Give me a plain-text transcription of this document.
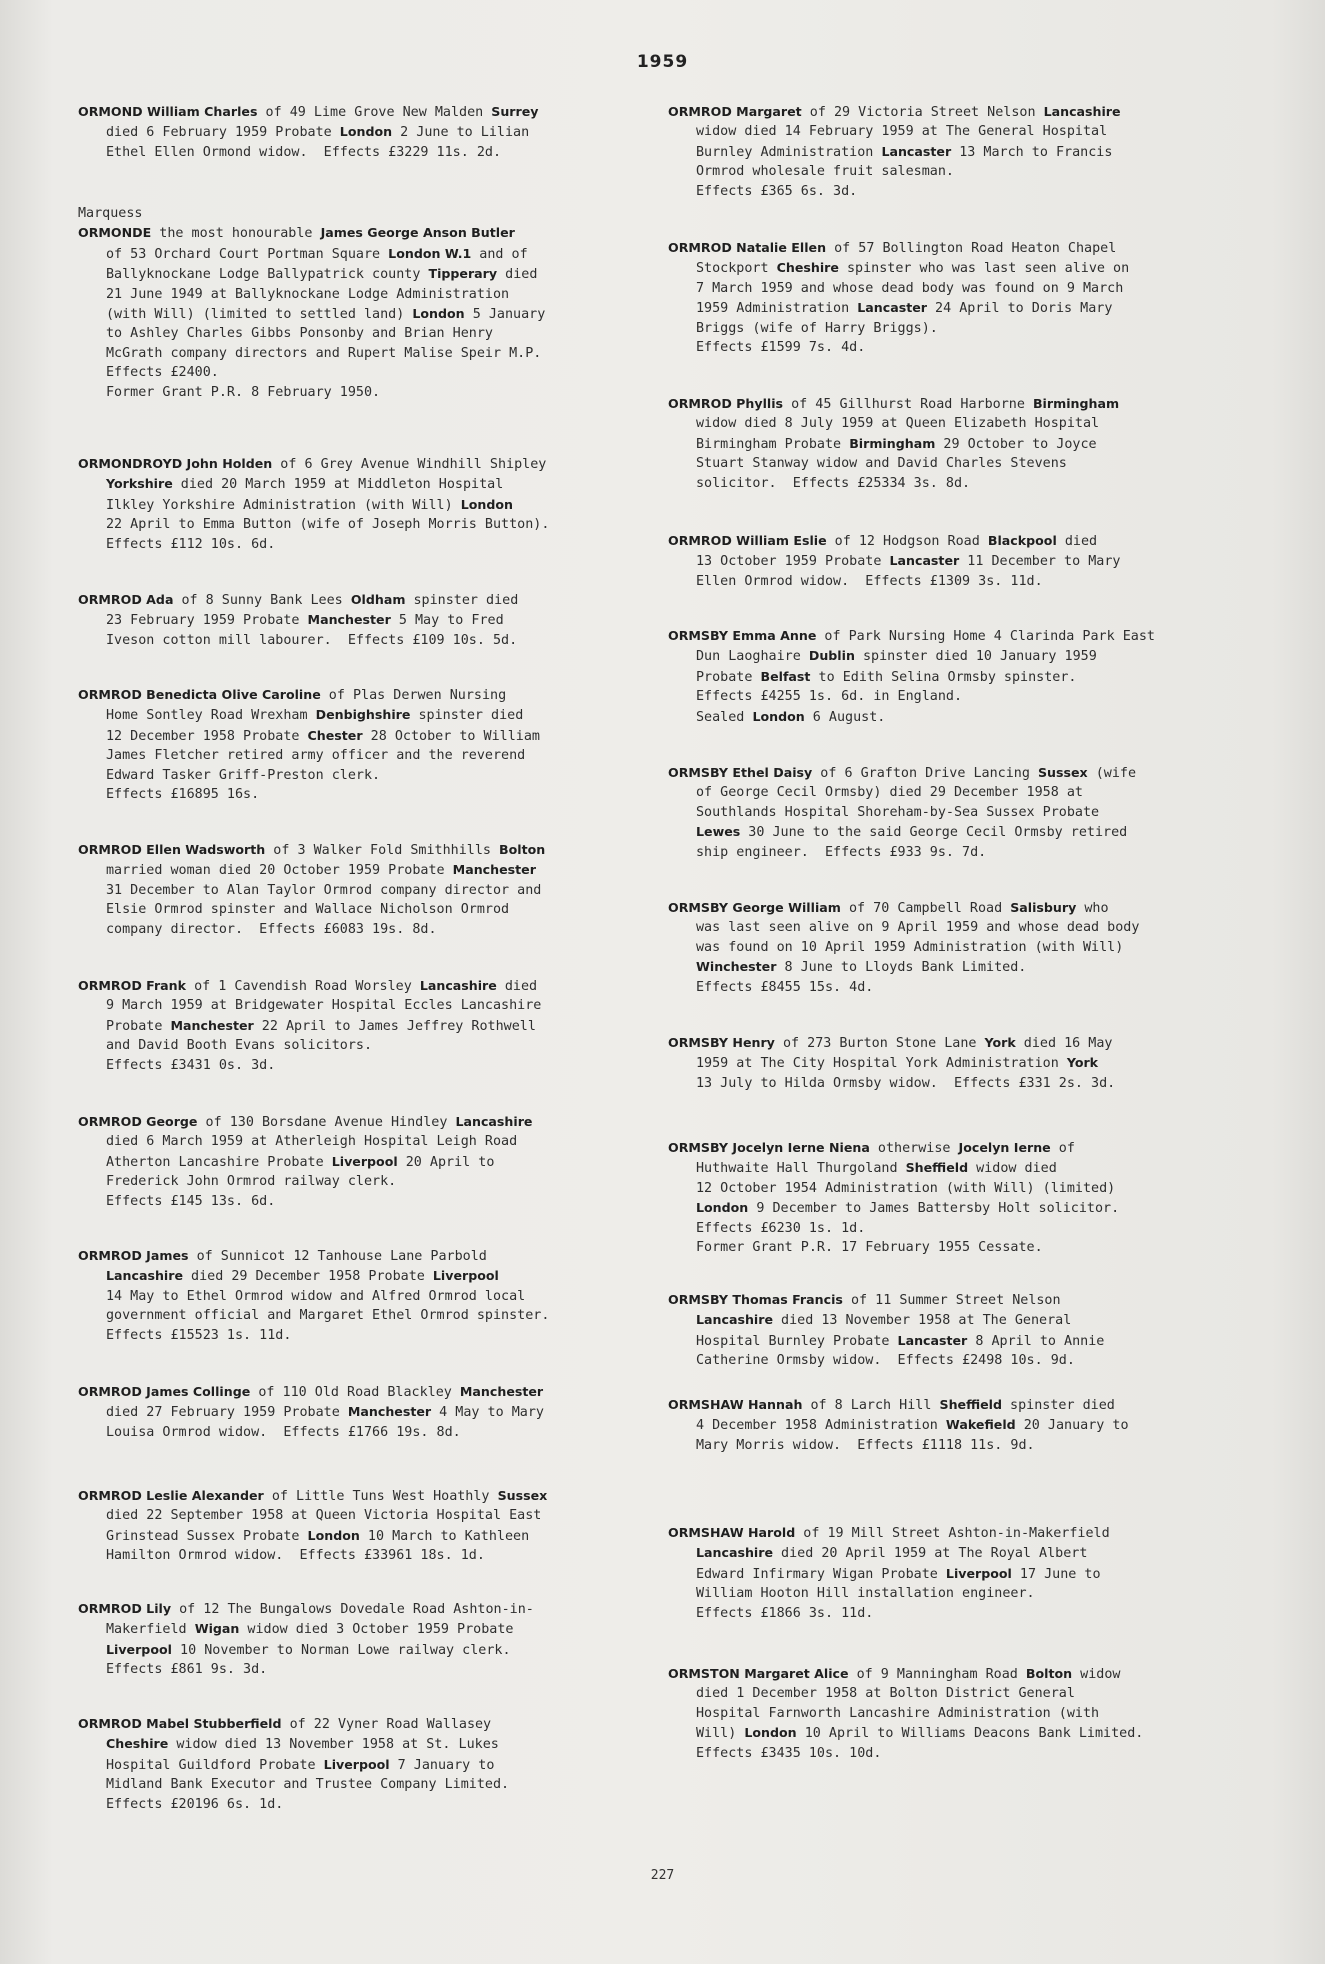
1959
ORMOND William Charles of 49 Lime Grove New Malden Surrey
died 6 February 1959 Probate London 2 June to Lilian
Ethel Ellen Ormond widow.  Effects £3229 11s. 2d.
Marquess
ORMONDE the most honourable James George Anson Butler
of 53 Orchard Court Portman Square London W.1 and of
Ballyknockane Lodge Ballypatrick county Tipperary died
21 June 1949 at Ballyknockane Lodge Administration
(with Will) (limited to settled land) London 5 January
to Ashley Charles Gibbs Ponsonby and Brian Henry
McGrath company directors and Rupert Malise Speir M.P.
Effects £2400.
Former Grant P.R. 8 February 1950.
ORMONDROYD John Holden of 6 Grey Avenue Windhill Shipley
Yorkshire died 20 March 1959 at Middleton Hospital
Ilkley Yorkshire Administration (with Will) London
22 April to Emma Button (wife of Joseph Morris Button).
Effects £112 10s. 6d.
ORMROD Ada of 8 Sunny Bank Lees Oldham spinster died
23 February 1959 Probate Manchester 5 May to Fred
Iveson cotton mill labourer.  Effects £109 10s. 5d.
ORMROD Benedicta Olive Caroline of Plas Derwen Nursing
Home Sontley Road Wrexham Denbighshire spinster died
12 December 1958 Probate Chester 28 October to William
James Fletcher retired army officer and the reverend
Edward Tasker Griff-Preston clerk.
Effects £16895 16s.
ORMROD Ellen Wadsworth of 3 Walker Fold Smithhills Bolton
married woman died 20 October 1959 Probate Manchester
31 December to Alan Taylor Ormrod company director and
Elsie Ormrod spinster and Wallace Nicholson Ormrod
company director.  Effects £6083 19s. 8d.
ORMROD Frank of 1 Cavendish Road Worsley Lancashire died
9 March 1959 at Bridgewater Hospital Eccles Lancashire
Probate Manchester 22 April to James Jeffrey Rothwell
and David Booth Evans solicitors.
Effects £3431 0s. 3d.
ORMROD George of 130 Borsdane Avenue Hindley Lancashire
died 6 March 1959 at Atherleigh Hospital Leigh Road
Atherton Lancashire Probate Liverpool 20 April to
Frederick John Ormrod railway clerk.
Effects £145 13s. 6d.
ORMROD James of Sunnicot 12 Tanhouse Lane Parbold
Lancashire died 29 December 1958 Probate Liverpool
14 May to Ethel Ormrod widow and Alfred Ormrod local
government official and Margaret Ethel Ormrod spinster.
Effects £15523 1s. 11d.
ORMROD James Collinge of 110 Old Road Blackley Manchester
died 27 February 1959 Probate Manchester 4 May to Mary
Louisa Ormrod widow.  Effects £1766 19s. 8d.
ORMROD Leslie Alexander of Little Tuns West Hoathly Sussex
died 22 September 1958 at Queen Victoria Hospital East
Grinstead Sussex Probate London 10 March to Kathleen
Hamilton Ormrod widow.  Effects £33961 18s. 1d.
ORMROD Lily of 12 The Bungalows Dovedale Road Ashton-in-
Makerfield Wigan widow died 3 October 1959 Probate
Liverpool 10 November to Norman Lowe railway clerk.
Effects £861 9s. 3d.
ORMROD Mabel Stubberfield of 22 Vyner Road Wallasey
Cheshire widow died 13 November 1958 at St. Lukes
Hospital Guildford Probate Liverpool 7 January to
Midland Bank Executor and Trustee Company Limited.
Effects £20196 6s. 1d.
ORMROD Margaret of 29 Victoria Street Nelson Lancashire
widow died 14 February 1959 at The General Hospital
Burnley Administration Lancaster 13 March to Francis
Ormrod wholesale fruit salesman.
Effects £365 6s. 3d.
ORMROD Natalie Ellen of 57 Bollington Road Heaton Chapel
Stockport Cheshire spinster who was last seen alive on
7 March 1959 and whose dead body was found on 9 March
1959 Administration Lancaster 24 April to Doris Mary
Briggs (wife of Harry Briggs).
Effects £1599 7s. 4d.
ORMROD Phyllis of 45 Gillhurst Road Harborne Birmingham
widow died 8 July 1959 at Queen Elizabeth Hospital
Birmingham Probate Birmingham 29 October to Joyce
Stuart Stanway widow and David Charles Stevens
solicitor.  Effects £25334 3s. 8d.
ORMROD William Eslie of 12 Hodgson Road Blackpool died
13 October 1959 Probate Lancaster 11 December to Mary
Ellen Ormrod widow.  Effects £1309 3s. 11d.
ORMSBY Emma Anne of Park Nursing Home 4 Clarinda Park East
Dun Laoghaire Dublin spinster died 10 January 1959
Probate Belfast to Edith Selina Ormsby spinster.
Effects £4255 1s. 6d. in England.
Sealed London 6 August.
ORMSBY Ethel Daisy of 6 Grafton Drive Lancing Sussex (wife
of George Cecil Ormsby) died 29 December 1958 at
Southlands Hospital Shoreham-by-Sea Sussex Probate
Lewes 30 June to the said George Cecil Ormsby retired
ship engineer.  Effects £933 9s. 7d.
ORMSBY George William of 70 Campbell Road Salisbury who
was last seen alive on 9 April 1959 and whose dead body
was found on 10 April 1959 Administration (with Will)
Winchester 8 June to Lloyds Bank Limited.
Effects £8455 15s. 4d.
ORMSBY Henry of 273 Burton Stone Lane York died 16 May
1959 at The City Hospital York Administration York
13 July to Hilda Ormsby widow.  Effects £331 2s. 3d.
ORMSBY Jocelyn Ierne Niena otherwise Jocelyn Ierne of
Huthwaite Hall Thurgoland Sheffield widow died
12 October 1954 Administration (with Will) (limited)
London 9 December to James Battersby Holt solicitor.
Effects £6230 1s. 1d.
Former Grant P.R. 17 February 1955 Cessate.
ORMSBY Thomas Francis of 11 Summer Street Nelson
Lancashire died 13 November 1958 at The General
Hospital Burnley Probate Lancaster 8 April to Annie
Catherine Ormsby widow.  Effects £2498 10s. 9d.
ORMSHAW Hannah of 8 Larch Hill Sheffield spinster died
4 December 1958 Administration Wakefield 20 January to
Mary Morris widow.  Effects £1118 11s. 9d.
ORMSHAW Harold of 19 Mill Street Ashton-in-Makerfield
Lancashire died 20 April 1959 at The Royal Albert
Edward Infirmary Wigan Probate Liverpool 17 June to
William Hooton Hill installation engineer.
Effects £1866 3s. 11d.
ORMSTON Margaret Alice of 9 Manningham Road Bolton widow
died 1 December 1958 at Bolton District General
Hospital Farnworth Lancashire Administration (with
Will) London 10 April to Williams Deacons Bank Limited.
Effects £3435 10s. 10d.
227
